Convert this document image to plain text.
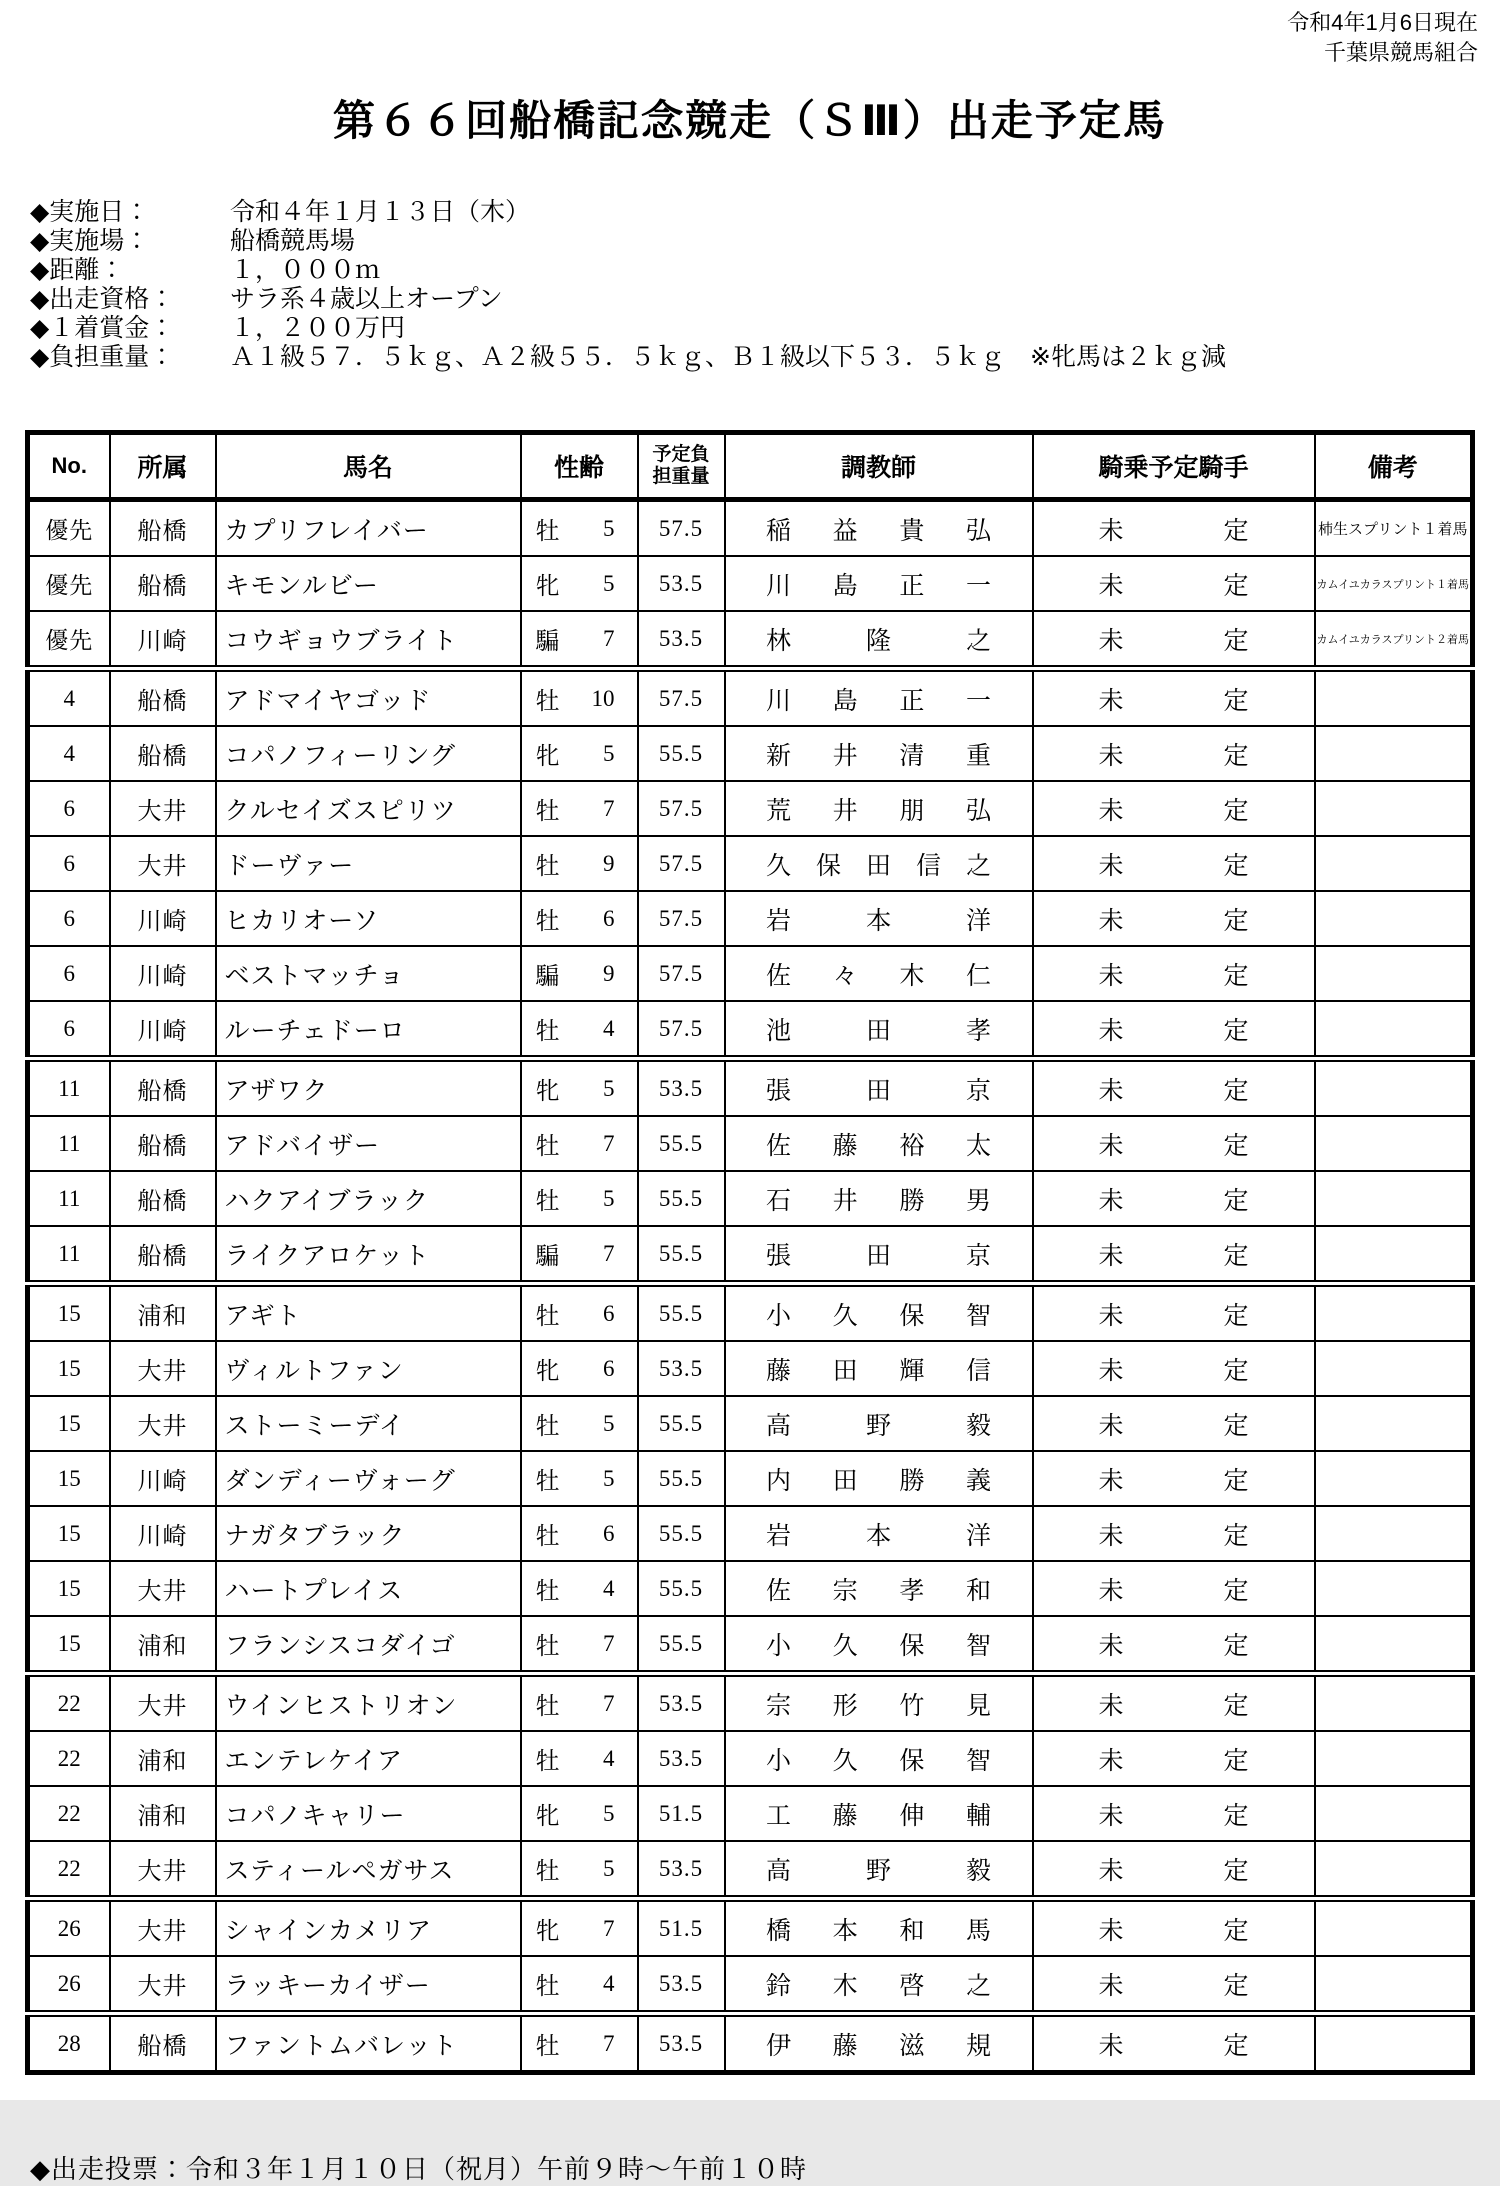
令和4年1月6日現在
千葉県競馬組合
第６６回船橋記念競走（ＳⅢ）出走予定馬
◆実施日：	令和４年１月１３日（木）
◆実施場：	船橋競馬場
◆距離：	１，０００ｍ
◆出走資格：	サラ系４歳以上オープン
◆１着賞金：	１，２００万円
◆負担重量：	Ａ１級５７．５ｋｇ、Ａ２級５５．５ｋｇ、Ｂ１級以下５３．５ｋｇ　※牝馬は２ｋｇ減
No.	所属	馬名	性齢	予定負
担重量	調教師	騎乗予定騎手	備考
優先	船橋	カプリフレイバー	牡 5	57.5	稲 益 貴 弘	未 定	柿生スプリント１着馬
優先	船橋	キモンルビー	牝 5	53.5	川 島 正 一	未 定	カムイユカラスプリント１着馬
優先	川崎	コウギョウブライト	騙 7	53.5	林 隆 之	未 定	カムイユカラスプリント２着馬
4	船橋	アドマイヤゴッド	牡 10	57.5	川 島 正 一	未 定	

4	船橋	コパノフィーリング	牝 5	55.5	新 井 清 重	未 定	

6	大井	クルセイズスピリツ	牡 7	57.5	荒 井 朋 弘	未 定	

6	大井	ドーヴァー	牡 9	57.5	久 保 田 信 之	未 定	

6	川崎	ヒカリオーソ	牡 6	57.5	岩 本 洋	未 定	

6	川崎	ベストマッチョ	騙 9	57.5	佐 々 木 仁	未 定	

6	川崎	ルーチェドーロ	牡 4	57.5	池 田 孝	未 定	

11	船橋	アザワク	牝 5	53.5	張 田 京	未 定	

11	船橋	アドバイザー	牡 7	55.5	佐 藤 裕 太	未 定	

11	船橋	ハクアイブラック	牡 5	55.5	石 井 勝 男	未 定	

11	船橋	ライクアロケット	騙 7	55.5	張 田 京	未 定	

15	浦和	アギト	牡 6	55.5	小 久 保 智	未 定	

15	大井	ヴィルトファン	牝 6	53.5	藤 田 輝 信	未 定	

15	大井	ストーミーデイ	牡 5	55.5	高 野 毅	未 定	

15	川崎	ダンディーヴォーグ	牡 5	55.5	内 田 勝 義	未 定	

15	川崎	ナガタブラック	牡 6	55.5	岩 本 洋	未 定	

15	大井	ハートプレイス	牡 4	55.5	佐 宗 孝 和	未 定	

15	浦和	フランシスコダイゴ	牡 7	55.5	小 久 保 智	未 定	

22	大井	ウインヒストリオン	牡 7	53.5	宗 形 竹 見	未 定	

22	浦和	エンテレケイア	牡 4	53.5	小 久 保 智	未 定	

22	浦和	コパノキャリー	牝 5	51.5	工 藤 伸 輔	未 定	

22	大井	スティールペガサス	牡 5	53.5	高 野 毅	未 定	

26	大井	シャインカメリア	牝 7	51.5	橋 本 和 馬	未 定	

26	大井	ラッキーカイザー	牡 4	53.5	鈴 木 啓 之	未 定	

28	船橋	ファントムバレット	牡 7	53.5	伊 藤 滋 規	未 定	

◆出走投票：令和３年１月１０日（祝月）午前９時～午前１０時
